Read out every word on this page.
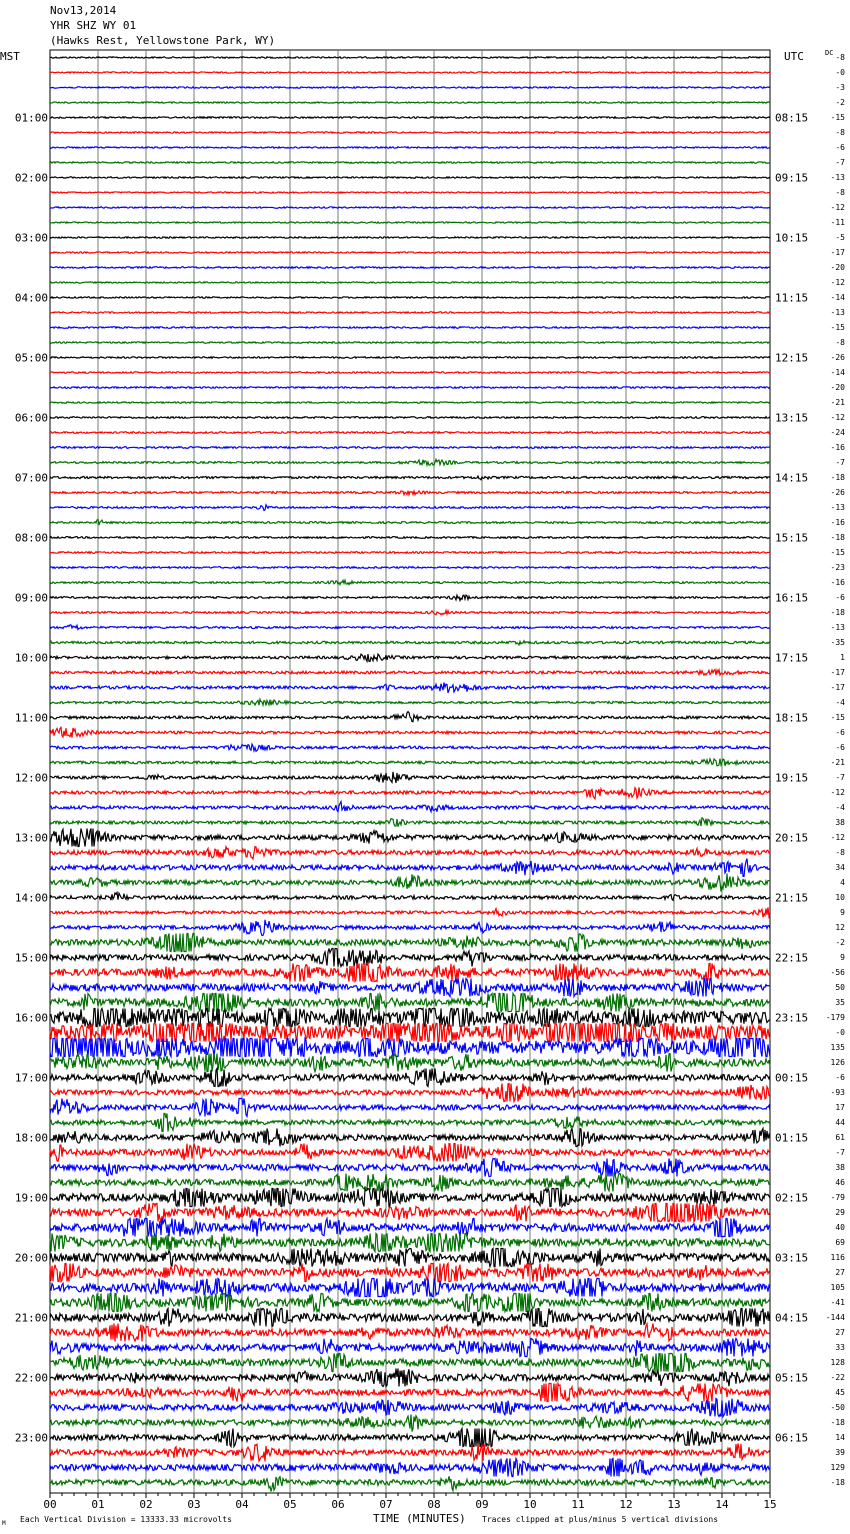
-8
-0
-3
-2
-15
-8
-6
-7
-13
-8
-12
-11
-5
-17
-20
-12
-14
-13
-15
-8
-26
-14
-20
-21
-12
-24
-16
-7
-18
-26
-13
-16
-18
-15
-23
-16
-6
-18
-13
-35
1
-17
-17
-4
-15
-6
-6
-21
-7
-12
-4
38
-12
-8
34
4
10
9
12
-2
9
-56
50
35
-179
-0
135
126
-6
-93
17
44
61
-7
38
46
-79
29
40
69
116
27
105
-41
-144
27
33
128
-22
45
-50
-18
14
39
129
-18
01:00
02:00
03:00
04:00
05:00
06:00
07:00
08:00
09:00
10:00
11:00
12:00
13:00
14:00
15:00
16:00
17:00
18:00
19:00
20:00
21:00
22:00
23:00
08:15
09:15
10:15
11:15
12:15
13:15
14:15
15:15
16:15
17:15
18:15
19:15
20:15
21:15
22:15
23:15
00:15
01:15
02:15
03:15
04:15
05:15
06:15
00	01	02	03	04	05	06	07	08	09	10	11	12	13	14	15
Nov13,2014
YHR SHZ WY 01
(Hawks Rest, Yellowstone Park, WY)
MST	UTC	DC
TIME (MINUTES)
M Each Vertical Division = 13333.33 microvolts	Traces clipped at plus/minus 5 vertical divisions
